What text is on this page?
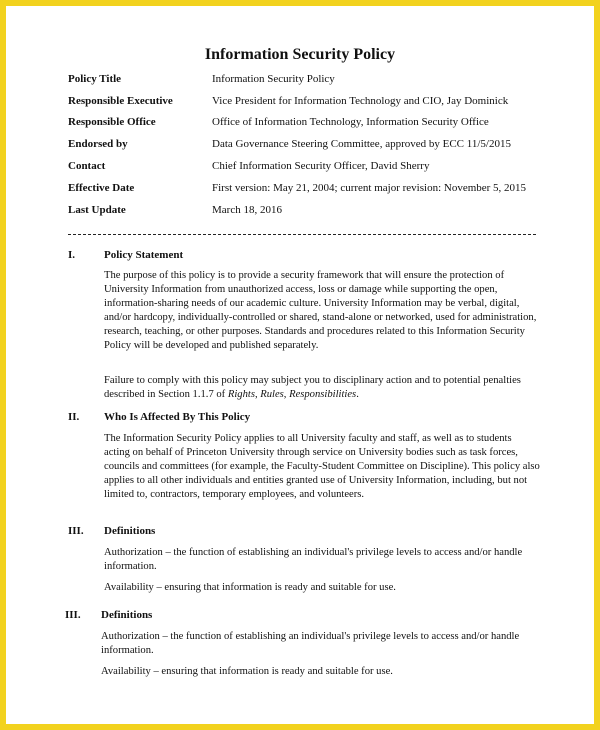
Information Security Policy
Policy Title	Information Security Policy
Responsible Executive	Vice President for Information Technology and CIO, Jay Dominick
Responsible Office	Office of Information Technology, Information Security Office
Endorsed by	Data Governance Steering Committee, approved by ECC 11/5/2015
Contact	Chief Information Security Officer, David Sherry
Effective Date	First version: May 21, 2004; current major revision: November 5, 2015
Last Update	March 18, 2016
I.	Policy Statement

The purpose of this policy is to provide a security framework that will ensure the protection of University Information from unauthorized access, loss or damage while supporting the open, information-sharing needs of our academic culture. University Information may be verbal, digital, and/or hardcopy, individually-controlled or shared, stand-alone or networked, used for administration, research, teaching, or other purposes. Standards and procedures related to this Information Security Policy will be developed and published separately.

Failure to comply with this policy may subject you to disciplinary action and to potential penalties described in Section 1.1.7 of Rights, Rules, Responsibilities.

II. Who Is Affected By This Policy

The Information Security Policy applies to all University faculty and staff, as well as to students acting on behalf of Princeton University through service on University bodies such as task forces, councils and committees (for example, the Faculty-Student Committee on Discipline). This policy also applies to all other individuals and entities granted use of University Information, including, but not limited to, contractors, temporary employees, and volunteers.

III. Definitions

Authorization – the function of establishing an individual's privilege levels to access and/or handle information.

Availability – ensuring that information is ready and suitable for use.

III. Definitions

Authorization – the function of establishing an individual's privilege levels to access and/or handle information.

Availability – ensuring that information is ready and suitable for use.
